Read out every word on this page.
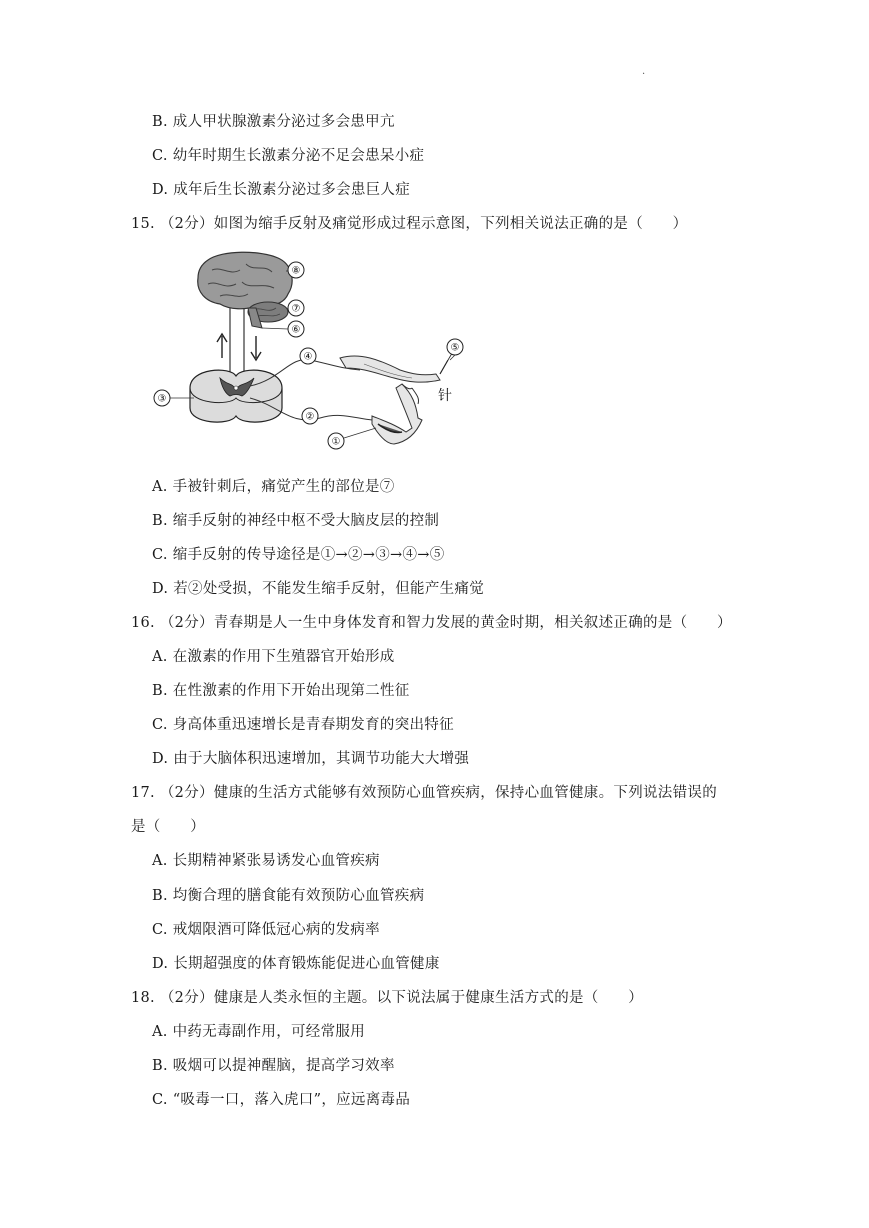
.
B. 成人甲状腺激素分泌过多会患甲亢
C. 幼年时期生长激素分泌不足会患呆小症
D. 成年后生长激素分泌过多会患巨人症
15. （2分）如图为缩手反射及痛觉形成过程示意图，下列相关说法正确的是（　　）
⑧
⑦
⑥
⑤
④
③
②
①
针
A. 手被针刺后，痛觉产生的部位是⑦
B. 缩手反射的神经中枢不受大脑皮层的控制
C. 缩手反射的传导途径是①→②→③→④→⑤
D. 若②处受损，不能发生缩手反射，但能产生痛觉
16. （2分）青春期是人一生中身体发育和智力发展的黄金时期，相关叙述正确的是（　　）
A. 在激素的作用下生殖器官开始形成
B. 在性激素的作用下开始出现第二性征
C. 身高体重迅速增长是青春期发育的突出特征
D. 由于大脑体积迅速增加，其调节功能大大增强
17. （2分）健康的生活方式能够有效预防心血管疾病，保持心血管健康。下列说法错误的
是（　　）
A. 长期精神紧张易诱发心血管疾病
B. 均衡合理的膳食能有效预防心血管疾病
C. 戒烟限酒可降低冠心病的发病率
D. 长期超强度的体育锻炼能促进心血管健康
18. （2分）健康是人类永恒的主题。以下说法属于健康生活方式的是（　　）
A. 中药无毒副作用，可经常服用
B. 吸烟可以提神醒脑，提高学习效率
C. “吸毒一口，落入虎口”，应远离毒品
